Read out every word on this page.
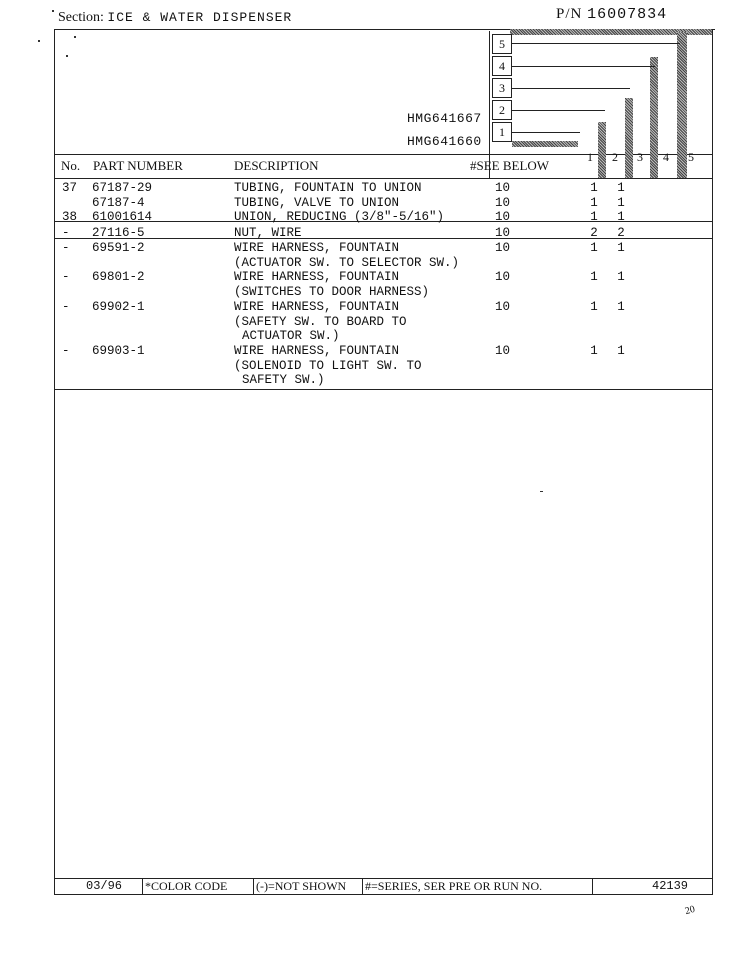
Section: ICE & WATER DISPENSER	P/N 16007834
HMG641667
HMG641660
5
4
3
2
1
No. PART NUMBER	DESCRIPTION	#SEE BELOW
1	2	3	4	5
37	67187-29	TUBING, FOUNTAIN TO UNION	10	1 1
67187-4	TUBING, VALVE TO UNION	10	1 1
38	61001614	UNION, REDUCING (3/8"-5/16")	10	1 1
-	27116-5	NUT, WIRE	10	2 2
-	69591-2	WIRE HARNESS, FOUNTAIN
(ACTUATOR SW. TO SELECTOR SW.)
10	1 1
-	69801-2	WIRE HARNESS, FOUNTAIN
(SWITCHES TO DOOR HARNESS)
10	1 1
-	69902-1	WIRE HARNESS, FOUNTAIN
(SAFETY SW. TO BOARD TO
ACTUATOR SW.)
10	1 1
-	69903-1	WIRE HARNESS, FOUNTAIN
(SOLENOID TO LIGHT SW. TO
SAFETY SW.)
10	1 1
03/96 *COLOR CODE (-)=NOT SHOWN #=SERIES, SER PRE OR RUN NO.	42139
20
